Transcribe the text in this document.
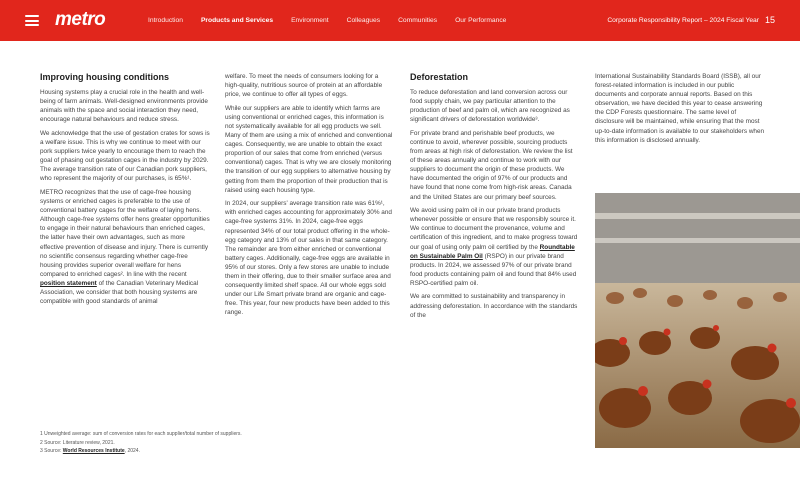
metro	Introduction	Products and Services	Environment	Colleagues	Communities	Our Performance	Corporate Responsibility Report – 2024 Fiscal Year 15
Improving housing conditions

Housing systems play a crucial role in the health and well-being of farm animals. Well-designed environments provide animals with the space and social interaction they need, encourage natural behaviours and reduce stress.

We acknowledge that the use of gestation crates for sows is a welfare issue. This is why we continue to meet with our pork suppliers twice yearly to encourage them to reach the goal of phasing out gestation cages in the industry by 2029. The average transition rate of our Canadian pork suppliers, who represent the majority of our purchases, is 65%¹.

METRO recognizes that the use of cage-free housing systems or enriched cages is preferable to the use of conventional battery cages for the welfare of laying hens. Although cage-free systems offer hens greater opportunities to engage in their natural behaviours than enriched cages, the latter have their own advantages, such as more effective prevention of disease and injury. There is currently no scientific consensus regarding whether cage-free housing provides superior overall welfare for hens compared to enriched cages². In line with the recent position statement of the Canadian Veterinary Medical Association, we consider that both housing systems are compatible with good standards of animal

welfare. To meet the needs of consumers looking for a high-quality, nutritious source of protein at an affordable price, we continue to offer all types of eggs.

While our suppliers are able to identify which farms are using conventional or enriched cages, this information is not systematically available for all egg products we sell. Many of them are using a mix of enriched and conventional cages. Consequently, we are unable to obtain the exact proportion of our sales that come from enriched (versus conventional) cages. That is why we are closely monitoring the transition of our egg suppliers to alternative housing by getting from them the proportion of their production that is raised using each housing type.

In 2024, our suppliers' average transition rate was 61%¹, with enriched cages accounting for approximately 30% and cage-free systems 31%. In 2024, cage-free eggs represented 34% of our total product offering in the whole-egg category and 13% of our sales in that same category. The remainder are from either enriched or conventional battery cages. Additionally, cage-free eggs are available in 95% of our stores. Only a few stores are unable to include them in their offering, due to their smaller surface area and consequently limited shelf space. All our whole eggs sold under our Life Smart private brand are organic and cage-free. This year, four new products have been added to this range.

Deforestation

To reduce deforestation and land conversion across our food supply chain, we pay particular attention to the production of beef and palm oil, which are recognized as significant drivers of deforestation worldwide³.

For private brand and perishable beef products, we continue to avoid, wherever possible, sourcing products from areas at high risk of deforestation. We review the list of these areas annually and continue to work with our suppliers to document the origin of these products. We have documented the origin of 97% of our products and have found that none come from high-risk areas. Canada and the United States are our primary beef sources.

We avoid using palm oil in our private brand products whenever possible or ensure that we responsibly source it. We continue to document the provenance, volume and certification of this ingredient, and to make progress toward our goal of using only palm oil certified by the Roundtable on Sustainable Palm Oil (RSPO) in our private brand products. In 2024, we assessed 97% of our private brand food products containing palm oil and found that 84% used RSPO-certified palm oil.

We are committed to sustainability and transparency in addressing deforestation. In accordance with the standards of the

International Sustainability Standards Board (ISSB), all our forest-related information is included in our public documents and corporate annual reports. Based on this observation, we have decided this year to cease answering the CDP Forests questionnaire. The same level of disclosure will be maintained, while ensuring that the most up-to-date information is available to our stakeholders when this information is disclosed annually.

1 Unweighted average: sum of conversion rates for each supplier/total number of suppliers.
2 Source: Literature review, 2021.
3 Source: World Resources Institute, 2024.
